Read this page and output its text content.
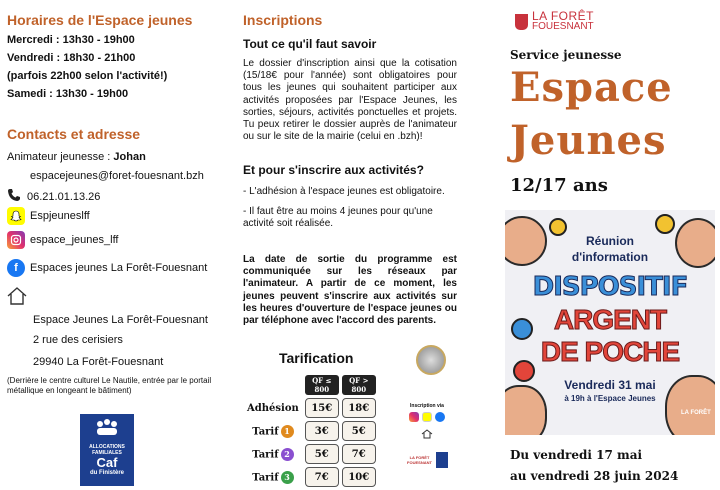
Horaires de l'Espace jeunes
Mercredi : 13h30 - 19h00
Vendredi : 18h30 - 21h00
(parfois 22h00 selon l'activité!)
Samedi : 13h30 - 19h00
Contacts et adresse
Animateur jeunesse : Johan
espacejeunes@foret-fouesnant.bzh
06.21.01.13.26
Espjeuneslff
espace_jeunes_lff
f	Espaces jeunes La Forêt-Fouesnant
Espace Jeunes La Forêt-Fouesnant
2 rue des cerisiers
29940 La Forêt-Fouesnant
(Derrière le centre culturel Le Nautile, entrée par le portail métallique en longeant le bâtiment)
ALLOCATIONS
FAMILIALES
Caf
du Finistère
Inscriptions
Tout ce qu'il faut savoir
Le dossier d'inscription ainsi que la cotisation (15/18€ pour l'année) sont obligatoires pour tous les jeunes qui souhaitent participer aux activités proposées par l'Espace Jeunes, les sorties, séjours, activités ponctuelles et projets. Tu peux retirer le dossier auprès de l'animateur ou sur le site de la mairie (celui en .bzh)!
Et pour s'inscrire aux activités?
- L'adhésion à l'espace jeunes est obligatoire.
- Il faut être au moins 4 jeunes pour qu'une activité soit réalisée.
La date de sortie du programme est communiquée sur les réseaux par l'animateur. A partir de ce moment, les jeunes peuvent s'inscrire aux activités sur les heures d'ouverture de l'espace jeunes ou par téléphone avec l'accord des parents.
Tarification
	QF ≤ 800	QF > 800
Adhésion	15€	18€
Tarif 1	3€	5€
Tarif 2	5€	7€
Tarif 3	7€	10€
Inscription via
LA FORÊT FOUESNANT
LA FORÊT
FOUESNANT
Service jeunesse
Espace
Jeunes
12/17 ans
Du vendredi 17 mai
au vendredi 28 juin 2024
Réunion
d'information
DISPOSITIF
ARGENT
DE POCHE
Vendredi 31 mai
à 19h à l'Espace Jeunes
LA FORÊT
